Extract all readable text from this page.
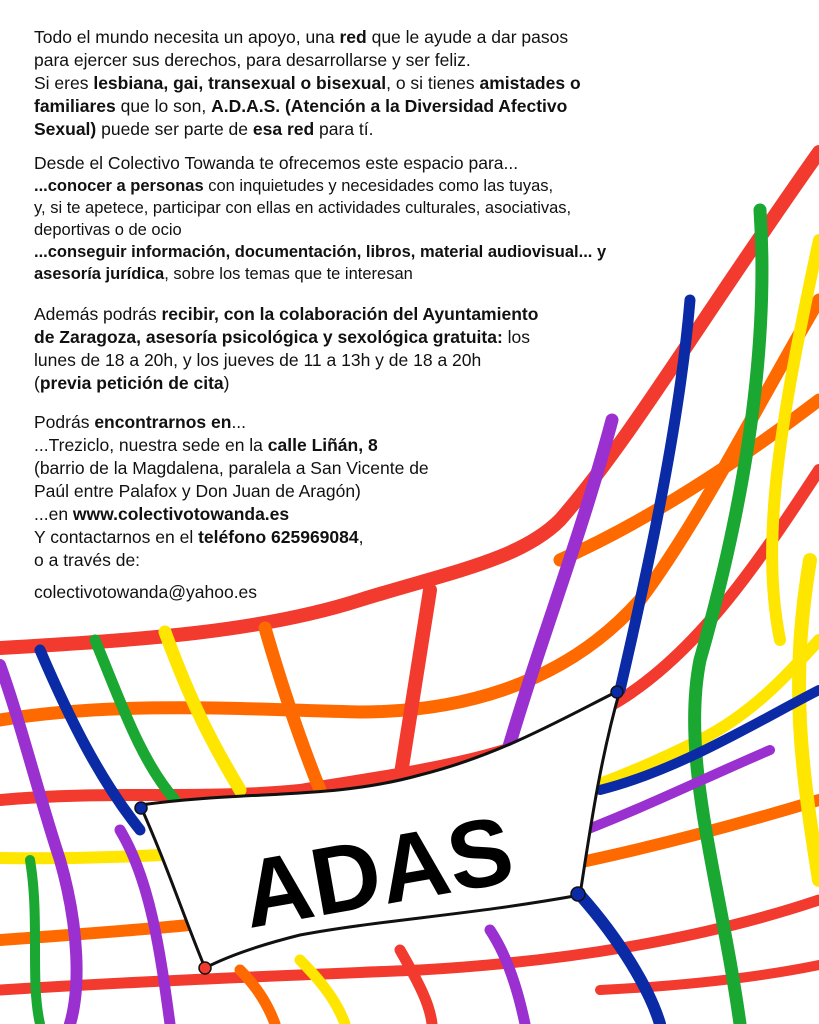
ADAS
Todo el mundo necesita un apoyo, una red que le ayude a dar pasos
para ejercer sus derechos, para desarrollarse y ser feliz.
Si eres lesbiana, gai, transexual o bisexual, o si tienes amistades o
familiares que lo son, A.D.A.S. (Atención a la Diversidad Afectivo
Sexual) puede ser parte de esa red para tí.
Desde el Colectivo Towanda te ofrecemos este espacio para...
...conocer a personas con inquietudes y necesidades como las tuyas,
y, si te apetece, participar con ellas en actividades culturales, asociativas,
deportivas o de ocio
...conseguir información, documentación, libros, material audiovisual... y
asesoría jurídica, sobre los temas que te interesan
Además podrás recibir, con la colaboración del Ayuntamiento
de Zaragoza, asesoría psicológica y sexológica gratuita: los
lunes de 18 a 20h, y los jueves de 11 a 13h y de 18 a 20h
(previa petición de cita)
Podrás encontrarnos en...
...Treziclo, nuestra sede en la calle Liñán, 8
(barrio de la Magdalena, paralela a San Vicente de
Paúl entre Palafox y Don Juan de Aragón)
...en www.colectivotowanda.es
Y contactarnos en el teléfono 625969084,
o a través de:
colectivotowanda@yahoo.es
